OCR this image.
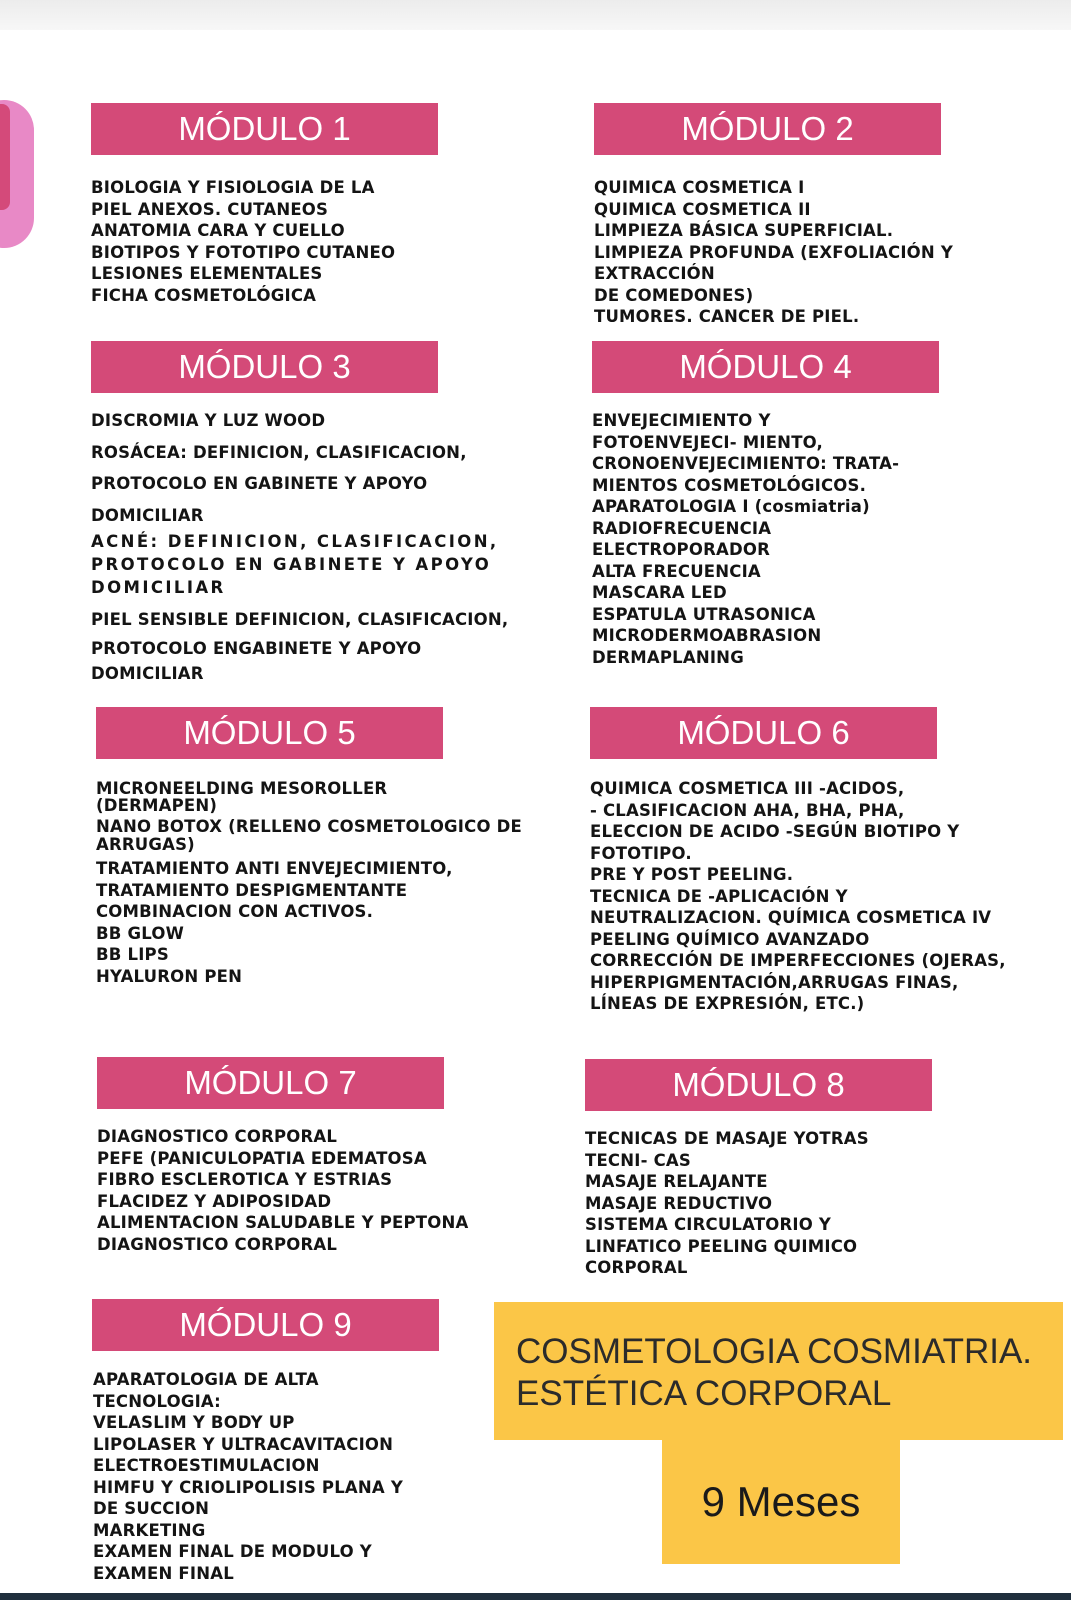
MÓDULO 1
BIOLOGIA Y FISIOLOGIA DE LA
PIEL ANEXOS. CUTANEOS
ANATOMIA CARA Y CUELLO
BIOTIPOS Y FOTOTIPO CUTANEO
LESIONES ELEMENTALES
FICHA COSMETOLÓGICA
MÓDULO 2
QUIMICA COSMETICA I
QUIMICA COSMETICA II
LIMPIEZA BÁSICA SUPERFICIAL.
LIMPIEZA PROFUNDA (EXFOLIACIÓN Y
EXTRACCIÓN
DE COMEDONES)
TUMORES. CANCER DE PIEL.
MÓDULO 3
DISCROMIA Y LUZ WOOD
ROSÁCEA: DEFINICION, CLASIFICACION,
PROTOCOLO EN GABINETE Y APOYO
DOMICILIAR
ACNÉ: DEFINICION, CLASIFICACION,
PROTOCOLO EN GABINETE Y APOYO
DOMICILIAR
PIEL SENSIBLE DEFINICION, CLASIFICACION,
PROTOCOLO ENGABINETE Y APOYO
DOMICILIAR
MÓDULO 4
ENVEJECIMIENTO Y
FOTOENVEJECI- MIENTO,
CRONOENVEJECIMIENTO: TRATA-
MIENTOS COSMETOLÓGICOS.
APARATOLOGIA I (cosmiatria)
RADIOFRECUENCIA
ELECTROPORADOR
ALTA FRECUENCIA
MASCARA LED
ESPATULA UTRASONICA
MICRODERMOABRASION
DERMAPLANING
MÓDULO 5
MICRONEELDING MESOROLLER
(DERMAPEN)
NANO BOTOX (RELLENO COSMETOLOGICO DE
ARRUGAS)
TRATAMIENTO ANTI ENVEJECIMIENTO,
TRATAMIENTO DESPIGMENTANTE
COMBINACION CON ACTIVOS.
BB GLOW
BB LIPS
HYALURON PEN
MÓDULO 6
QUIMICA COSMETICA III -ACIDOS,
- CLASIFICACION AHA, BHA, PHA,
ELECCION DE ACIDO -SEGÚN BIOTIPO Y
FOTOTIPO.
PRE Y POST PEELING.
TECNICA DE -APLICACIÓN Y
NEUTRALIZACION. QUÍMICA COSMETICA IV
PEELING QUÍMICO AVANZADO
CORRECCIÓN DE IMPERFECCIONES (OJERAS,
HIPERPIGMENTACIÓN,ARRUGAS FINAS,
LÍNEAS DE EXPRESIÓN, ETC.)
MÓDULO 7
DIAGNOSTICO CORPORAL
PEFE (PANICULOPATIA EDEMATOSA
FIBRO ESCLEROTICA Y ESTRIAS
FLACIDEZ Y ADIPOSIDAD
ALIMENTACION SALUDABLE Y PEPTONA
DIAGNOSTICO CORPORAL
MÓDULO 8
TECNICAS DE MASAJE YOTRAS
TECNI- CAS
MASAJE RELAJANTE
MASAJE REDUCTIVO
SISTEMA CIRCULATORIO Y
LINFATICO PEELING QUIMICO
CORPORAL
MÓDULO 9
APARATOLOGIA DE ALTA
TECNOLOGIA:
VELASLIM Y BODY UP
LIPOLASER Y ULTRACAVITACION
ELECTROESTIMULACION
HIMFU Y CRIOLIPOLISIS PLANA Y
DE SUCCION
MARKETING
EXAMEN FINAL DE MODULO Y
EXAMEN FINAL
COSMETOLOGIA COSMIATRIA.
ESTÉTICA CORPORAL
9 Meses
